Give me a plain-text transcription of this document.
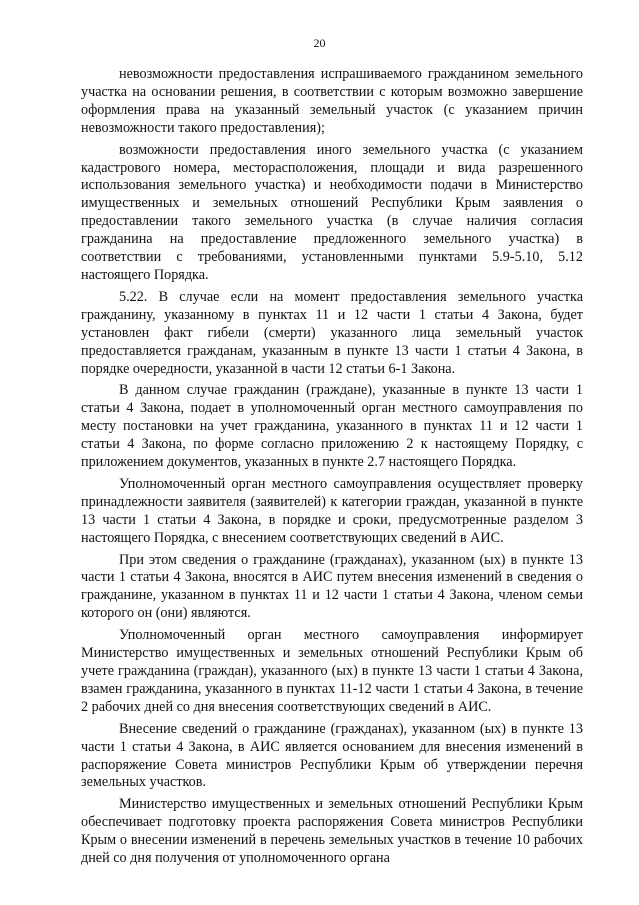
20

невозможности предоставления испрашиваемого гражданином земельного участка на основании решения, в соответствии с которым возможно завершение оформления права на указанный земельный участок (с указанием причин невозможности такого предоставления);

возможности предоставления иного земельного участка (с указанием кадастрового номера, месторасположения, площади и вида разрешенного использования земельного участка) и необходимости подачи в Министерство имущественных и земельных отношений Республики Крым заявления о предоставлении такого земельного участка (в случае наличия согласия гражданина на предоставление предложенного земельного участка) в соответствии с требованиями, установленными пунктами 5.9-5.10, 5.12 настоящего Порядка.

5.22. В случае если на момент предоставления земельного участка гражданину, указанному в пунктах 11 и 12 части 1 статьи 4 Закона, будет установлен факт гибели (смерти) указанного лица земельный участок предоставляется гражданам, указанным в пункте 13 части 1 статьи 4 Закона, в порядке очередности, указанной в части 12 статьи 6-1 Закона.

В данном случае гражданин (граждане), указанные в пункте 13 части 1 статьи 4 Закона, подает в уполномоченный орган местного самоуправления по месту постановки на учет гражданина, указанного в пунктах 11 и 12 части 1 статьи 4 Закона, по форме согласно приложению 2 к настоящему Порядку, с приложением документов, указанных в пункте 2.7 настоящего Порядка.

Уполномоченный орган местного самоуправления осуществляет проверку принадлежности заявителя (заявителей) к категории граждан, указанной в пункте 13 части 1 статьи 4 Закона, в порядке и сроки, предусмотренные разделом 3 настоящего Порядка, с внесением соответствующих сведений в АИС.

При этом сведения о гражданине (гражданах), указанном (ых) в пункте 13 части 1 статьи 4 Закона, вносятся в АИС путем внесения изменений в сведения о гражданине, указанном в пунктах 11 и 12 части 1 статьи 4 Закона, членом семьи которого он (они) являются.

Уполномоченный орган местного самоуправления информирует Министерство имущественных и земельных отношений Республики Крым об учете гражданина (граждан), указанного (ых) в пункте 13 части 1 статьи 4 Закона, взамен гражданина, указанного в пунктах 11-12 части 1 статьи 4 Закона, в течение 2 рабочих дней со дня внесения соответствующих сведений в АИС.

Внесение сведений о гражданине (гражданах), указанном (ых) в пункте 13 части 1 статьи 4 Закона, в АИС является основанием для внесения изменений в распоряжение Совета министров Республики Крым об утверждении перечня земельных участков.

Министерство имущественных и земельных отношений Республики Крым обеспечивает подготовку проекта распоряжения Совета министров Республики Крым о внесении изменений в перечень земельных участков в течение 10 рабочих дней со дня получения от уполномоченного органа
